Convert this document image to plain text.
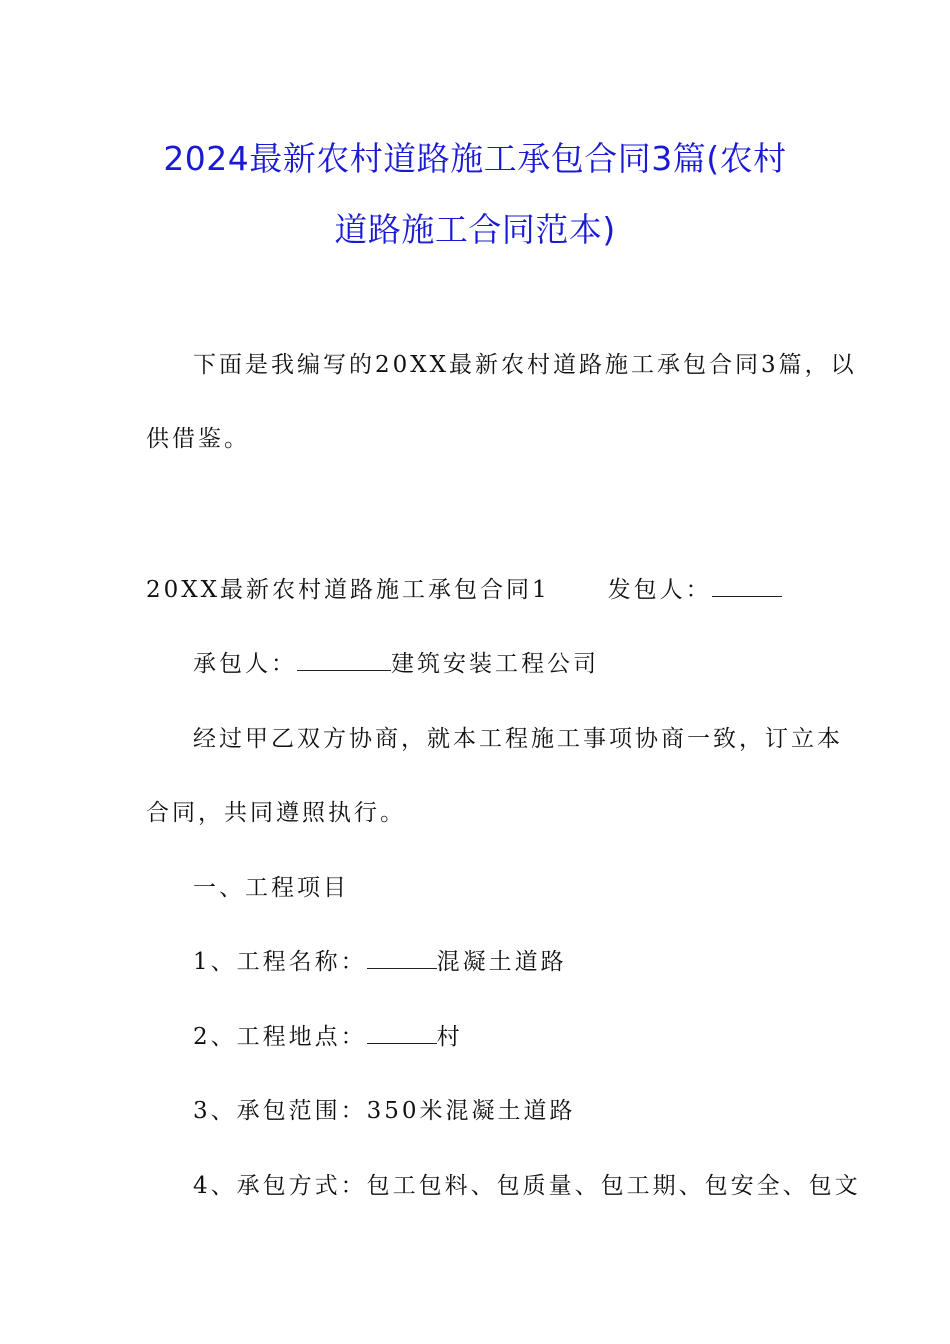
2024最新农村道路施工承包合同3篇(农村
道路施工合同范本)
下面是我编写的20XX最新农村道路施工承包合同3篇，以
供借鉴。
20XX最新农村道路施工承包合同1	发包人：
承包人：	建筑安装工程公司
经过甲乙双方协商，就本工程施工事项协商一致，订立本
合同，共同遵照执行。
一、工程项目
1、工程名称：	混凝土道路
2、工程地点：	村
3、承包范围：350米混凝土道路
4、承包方式：包工包料、包质量、包工期、包安全、包文
